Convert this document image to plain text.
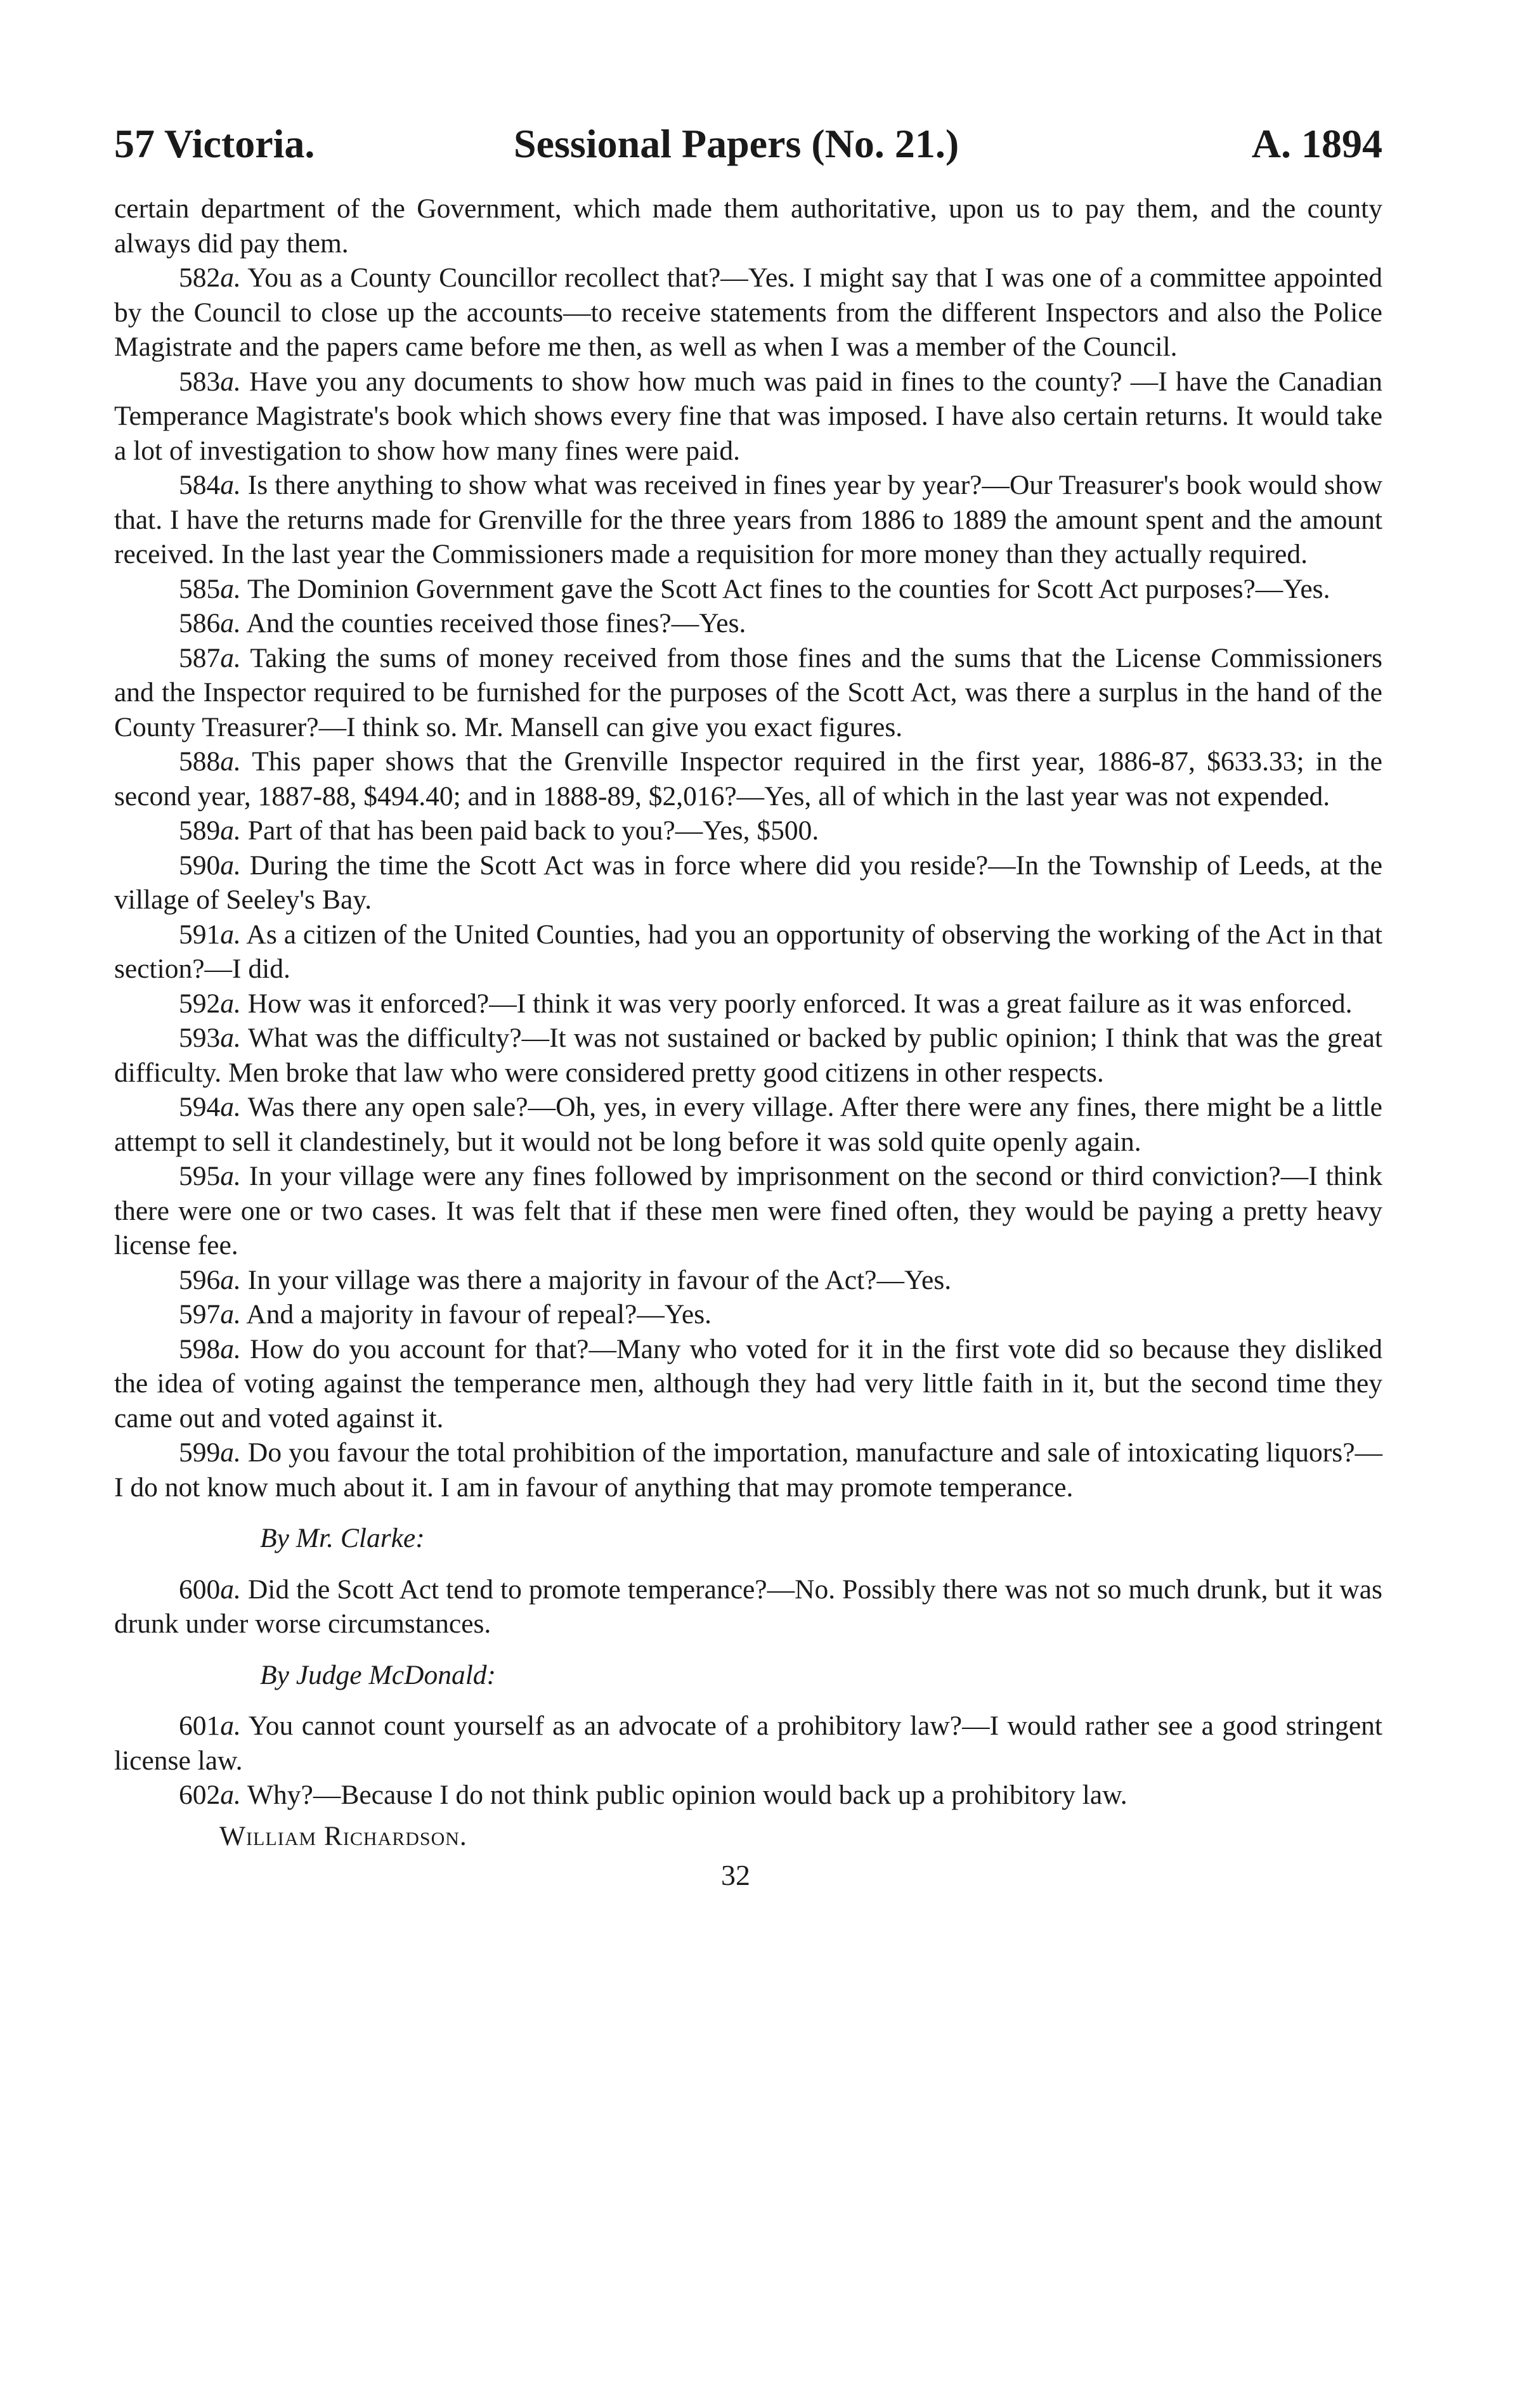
57 Victoria.	Sessional Papers (No. 21.)	A. 1894

certain department of the Government, which made them authoritative, upon us to pay them, and the county always did pay them.

582a. You as a County Councillor recollect that?—Yes. I might say that I was one of a committee appointed by the Council to close up the accounts—to receive statements from the different Inspectors and also the Police Magistrate and the papers came before me then, as well as when I was a member of the Council.

583a. Have you any documents to show how much was paid in fines to the county? —I have the Canadian Temperance Magistrate's book which shows every fine that was imposed. I have also certain returns. It would take a lot of investigation to show how many fines were paid.

584a. Is there anything to show what was received in fines year by year?—Our Treasurer's book would show that. I have the returns made for Grenville for the three years from 1886 to 1889 the amount spent and the amount received. In the last year the Commissioners made a requisition for more money than they actually required.

585a. The Dominion Government gave the Scott Act fines to the counties for Scott Act purposes?—Yes.

586a. And the counties received those fines?—Yes.

587a. Taking the sums of money received from those fines and the sums that the License Commissioners and the Inspector required to be furnished for the purposes of the Scott Act, was there a surplus in the hand of the County Treasurer?—I think so. Mr. Mansell can give you exact figures.

588a. This paper shows that the Grenville Inspector required in the first year, 1886-87, $633.33; in the second year, 1887-88, $494.40; and in 1888-89, $2,016?—Yes, all of which in the last year was not expended.

589a. Part of that has been paid back to you?—Yes, $500.

590a. During the time the Scott Act was in force where did you reside?—In the Township of Leeds, at the village of Seeley's Bay.

591a. As a citizen of the United Counties, had you an opportunity of observing the working of the Act in that section?—I did.

592a. How was it enforced?—I think it was very poorly enforced. It was a great failure as it was enforced.

593a. What was the difficulty?—It was not sustained or backed by public opinion; I think that was the great difficulty. Men broke that law who were considered pretty good citizens in other respects.

594a. Was there any open sale?—Oh, yes, in every village. After there were any fines, there might be a little attempt to sell it clandestinely, but it would not be long before it was sold quite openly again.

595a. In your village were any fines followed by imprisonment on the second or third conviction?—I think there were one or two cases. It was felt that if these men were fined often, they would be paying a pretty heavy license fee.

596a. In your village was there a majority in favour of the Act?—Yes.

597a. And a majority in favour of repeal?—Yes.

598a. How do you account for that?—Many who voted for it in the first vote did so because they disliked the idea of voting against the temperance men, although they had very little faith in it, but the second time they came out and voted against it.

599a. Do you favour the total prohibition of the importation, manufacture and sale of intoxicating liquors?—I do not know much about it. I am in favour of anything that may promote temperance.

By Mr. Clarke:

600a. Did the Scott Act tend to promote temperance?—No. Possibly there was not so much drunk, but it was drunk under worse circumstances.

By Judge McDonald:

601a. You cannot count yourself as an advocate of a prohibitory law?—I would rather see a good stringent license law.

602a. Why?—Because I do not think public opinion would back up a prohibitory law.

William Richardson.
32
